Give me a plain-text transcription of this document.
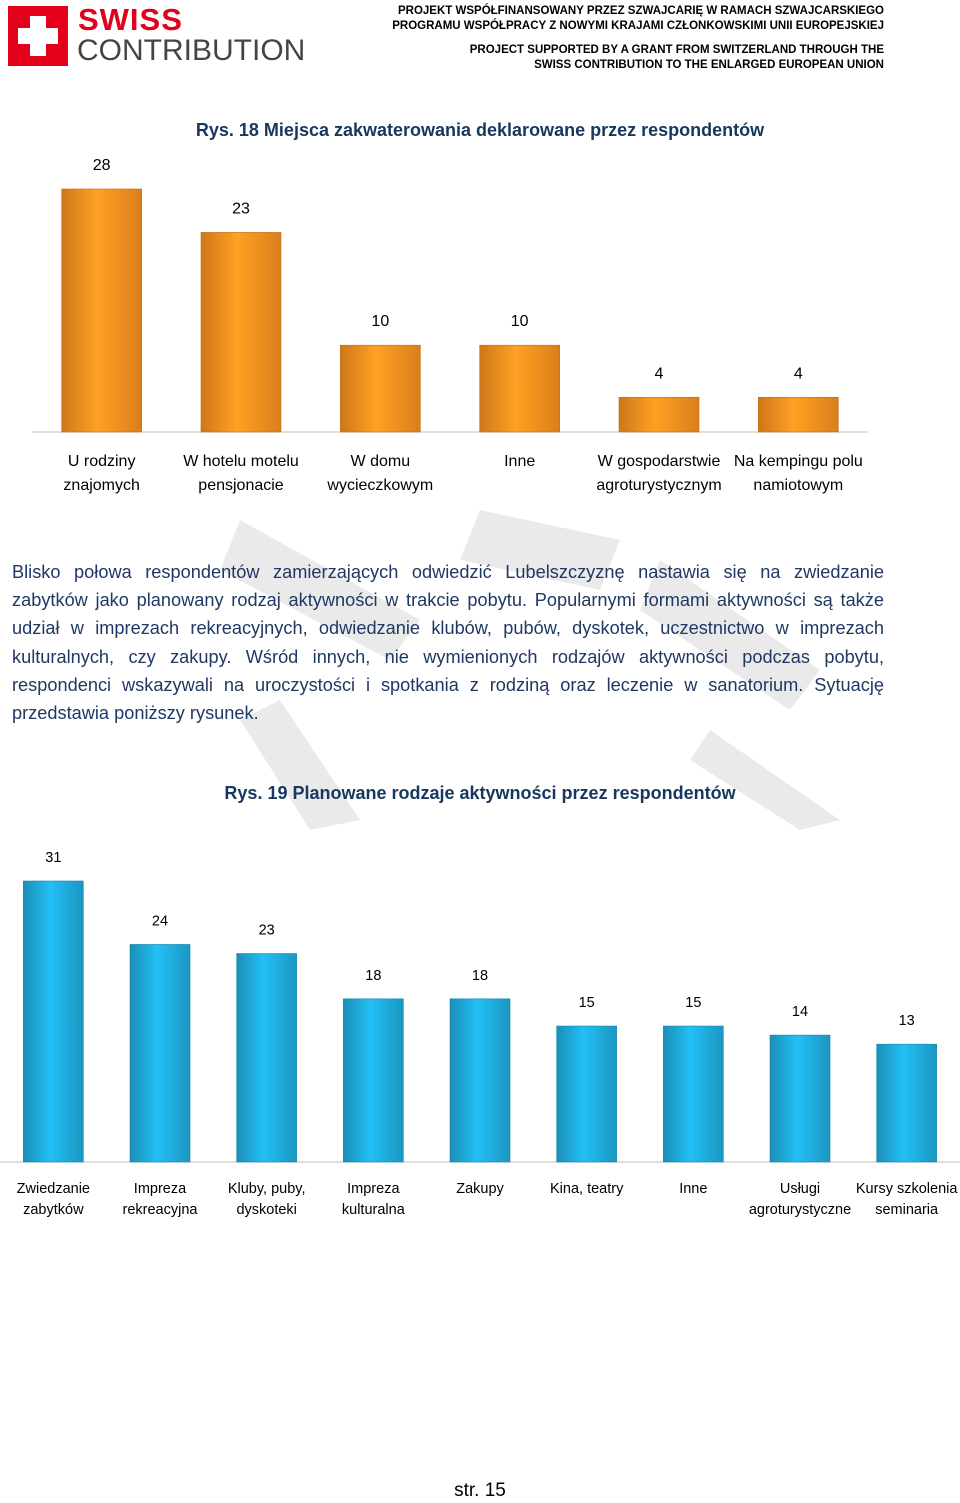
SWISS
CONTRIBUTION
PROJEKT WSPÓŁFINANSOWANY PRZEZ SZWAJCARIĘ W RAMACH SZWAJCARSKIEGO
PROGRAMU WSPÓŁPRACY Z NOWYMI KRAJAMI CZŁONKOWSKIMI UNII EUROPEJSKIEJ
PROJECT SUPPORTED BY A GRANT FROM SWITZERLAND THROUGH THE
SWISS CONTRIBUTION TO THE ENLARGED EUROPEAN UNION
Rys. 18 Miejsca zakwaterowania deklarowane przez respondentów
28
U rodziny
znajomych
23
W hotelu motelu
pensjonacie
10
W domu
wycieczkowym
10
Inne
4
W gospodarstwie
agroturystycznym
4
Na kempingu polu
namiotowym
Blisko połowa respondentów zamierzających odwiedzić Lubelszczyznę nastawia się na zwiedzanie zabytków jako planowany rodzaj aktywności w trakcie pobytu. Popularnymi formami aktywności są także udział w imprezach rekreacyjnych, odwiedzanie klubów, pubów, dyskotek, uczestnictwo w imprezach kulturalnych, czy zakupy. Wśród innych, nie wymienionych rodzajów aktywności podczas pobytu, respondenci wskazywali na uroczystości i spotkania z rodziną oraz leczenie w sanatorium. Sytuację przedstawia poniższy rysunek.
Rys. 19 Planowane rodzaje aktywności przez respondentów
31
Zwiedzanie
zabytków
24
Impreza
rekreacyjna
23
Kluby, puby,
dyskoteki
18
Impreza
kulturalna
18
Zakupy
15
Kina, teatry
15
Inne
14
Usługi
agroturystyczne
13
Kursy szkolenia
seminaria
str. 15
